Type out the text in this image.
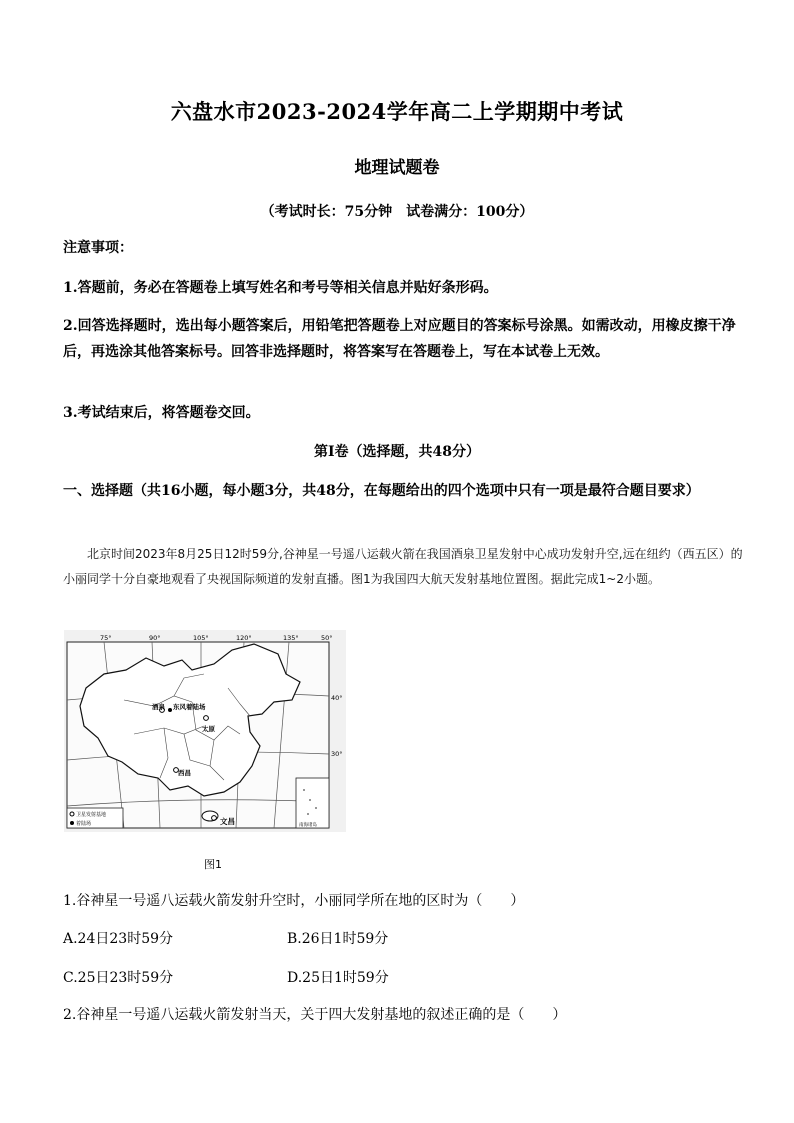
六盘水市2023-2024学年高二上学期期中考试
地理试题卷
（考试时长：75分钟　试卷满分：100分）
注意事项：
1.答题前，务必在答题卷上填写姓名和考号等相关信息并贴好条形码。
2.回答选择题时，选出每小题答案后，用铅笔把答题卷上对应题目的答案标号涂黑。如需改动，用橡皮擦干净后，再选涂其他答案标号。回答非选择题时，将答案写在答题卷上，写在本试卷上无效。
3.考试结束后，将答题卷交回。
第Ⅰ卷（选择题，共48分）
一、选择题（共16小题，每小题3分，共48分，在每题给出的四个选项中只有一项是最符合题目要求）
北京时间2023年8月25日12时59分,谷神星一号遥八运载火箭在我国酒泉卫星发射中心成功发射升空,远在纽约（西五区）的小丽同学十分自豪地观看了央视国际频道的发射直播。图1为我国四大航天发射基地位置图。据此完成1~2小题。
75°	90°	105°	120°	135°	50°
40°
30°
酒泉 东风着陆场
太原
西昌
文昌
卫星发射基地
着陆场	南海诸岛
图1
1.谷神星一号遥八运载火箭发射升空时，小丽同学所在地的区时为（　　）
A.24日23时59分	B.26日1时59分
C.25日23时59分	D.25日1时59分
2.谷神星一号遥八运载火箭发射当天，关于四大发射基地的叙述正确的是（　　）
